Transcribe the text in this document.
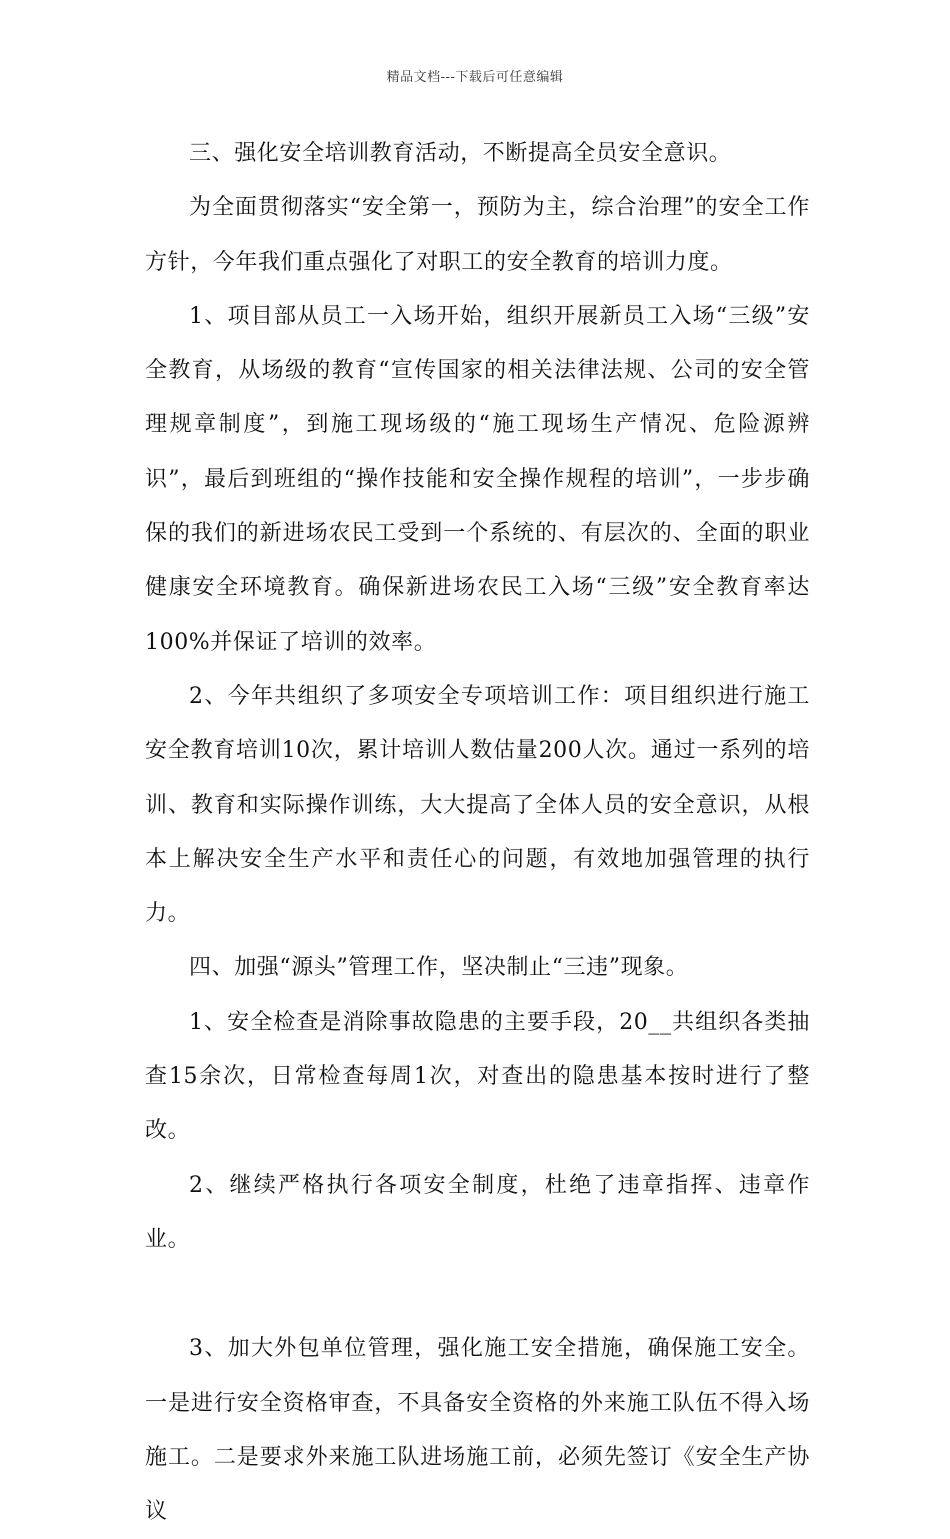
精品文档---下载后可任意编辑

三、强化安全培训教育活动，不断提高全员安全意识。

为全面贯彻落实“安全第一，预防为主，综合治理”的安全工作方针，今年我们重点强化了对职工的安全教育的培训力度。

1、项目部从员工一入场开始，组织开展新员工入场“三级”安全教育，从场级的教育“宣传国家的相关法律法规、公司的安全管理规章制度”，到施工现场级的“施工现场生产情况、危险源辨识”，最后到班组的“操作技能和安全操作规程的培训”，一步步确保的我们的新进场农民工受到一个系统的、有层次的、全面的职业健康安全环境教育。确保新进场农民工入场“三级”安全教育率达100%并保证了培训的效率。

2、今年共组织了多项安全专项培训工作：项目组织进行施工安全教育培训10次，累计培训人数估量200人次。通过一系列的培训、教育和实际操作训练，大大提高了全体人员的安全意识，从根本上解决安全生产水平和责任心的问题，有效地加强管理的执行力。

四、加强“源头”管理工作，坚决制止“三违”现象。

1、安全检查是消除事故隐患的主要手段，20__共组织各类抽查15余次，日常检查每周1次，对查出的隐患基本按时进行了整改。

2、继续严格执行各项安全制度，杜绝了违章指挥、违章作业。

3、加大外包单位管理，强化施工安全措施，确保施工安全。一是进行安全资格审查，不具备安全资格的外来施工队伍不得入场施工。二是要求外来施工队进场施工前，必须先签订《安全生产协议
